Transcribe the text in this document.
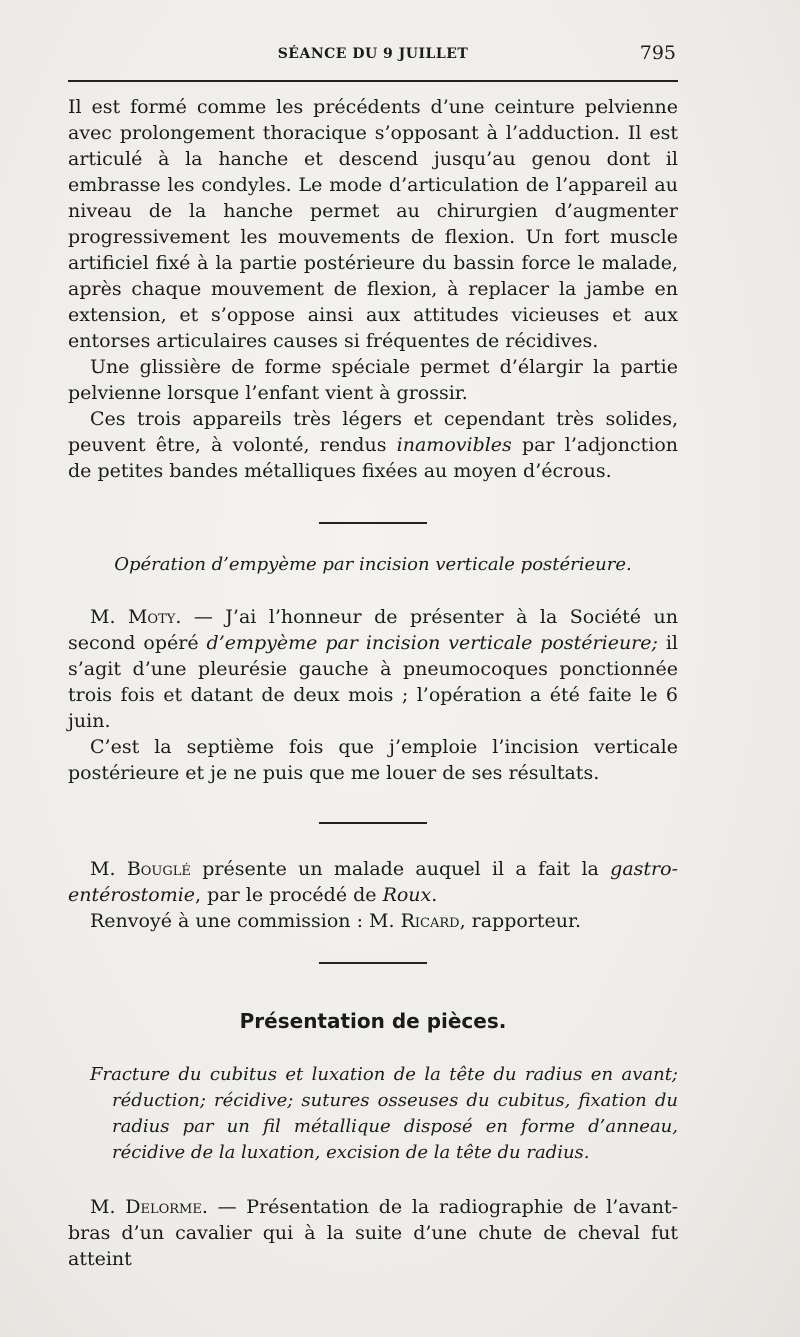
SÉANCE DU 9 JUILLET	795

Il est formé comme les précédents d’une ceinture pelvienne avec prolongement thoracique s’opposant à l’adduction. Il est articulé à la hanche et descend jusqu’au genou dont il embrasse les condyles. Le mode d’articulation de l’appareil au niveau de la hanche permet au chirurgien d’augmenter progressivement les mouvements de flexion. Un fort muscle artificiel fixé à la partie postérieure du bassin force le malade, après chaque mouvement de flexion, à replacer la jambe en extension, et s’oppose ainsi aux attitudes vicieuses et aux entorses articulaires causes si fréquentes de récidives.

Une glissière de forme spéciale permet d’élargir la partie pelvienne lorsque l’enfant vient à grossir.

Ces trois appareils très légers et cependant très solides, peuvent être, à volonté, rendus inamovibles par l’adjonction de petites bandes métalliques fixées au moyen d’écrous.

Opération d’empyème par incision verticale postérieure.

M. Moty. — J’ai l’honneur de présenter à la Société un second opéré d’empyème par incision verticale postérieure; il s’agit d’une pleurésie gauche à pneumocoques ponctionnée trois fois et datant de deux mois ; l’opération a été faite le 6 juin.

C’est la septième fois que j’emploie l’incision verticale postérieure et je ne puis que me louer de ses résultats.

M. Bouglé présente un malade auquel il a fait la gastro-entérostomie, par le procédé de Roux.

Renvoyé à une commission : M. Ricard, rapporteur.

Présentation de pièces.

Fracture du cubitus et luxation de la tête du radius en avant; réduction; récidive; sutures osseuses du cubitus, fixation du radius par un fil métallique disposé en forme d’anneau, récidive de la luxation, excision de la tête du radius.

M. Delorme. — Présentation de la radiographie de l’avant-bras d’un cavalier qui à la suite d’une chute de cheval fut atteint
